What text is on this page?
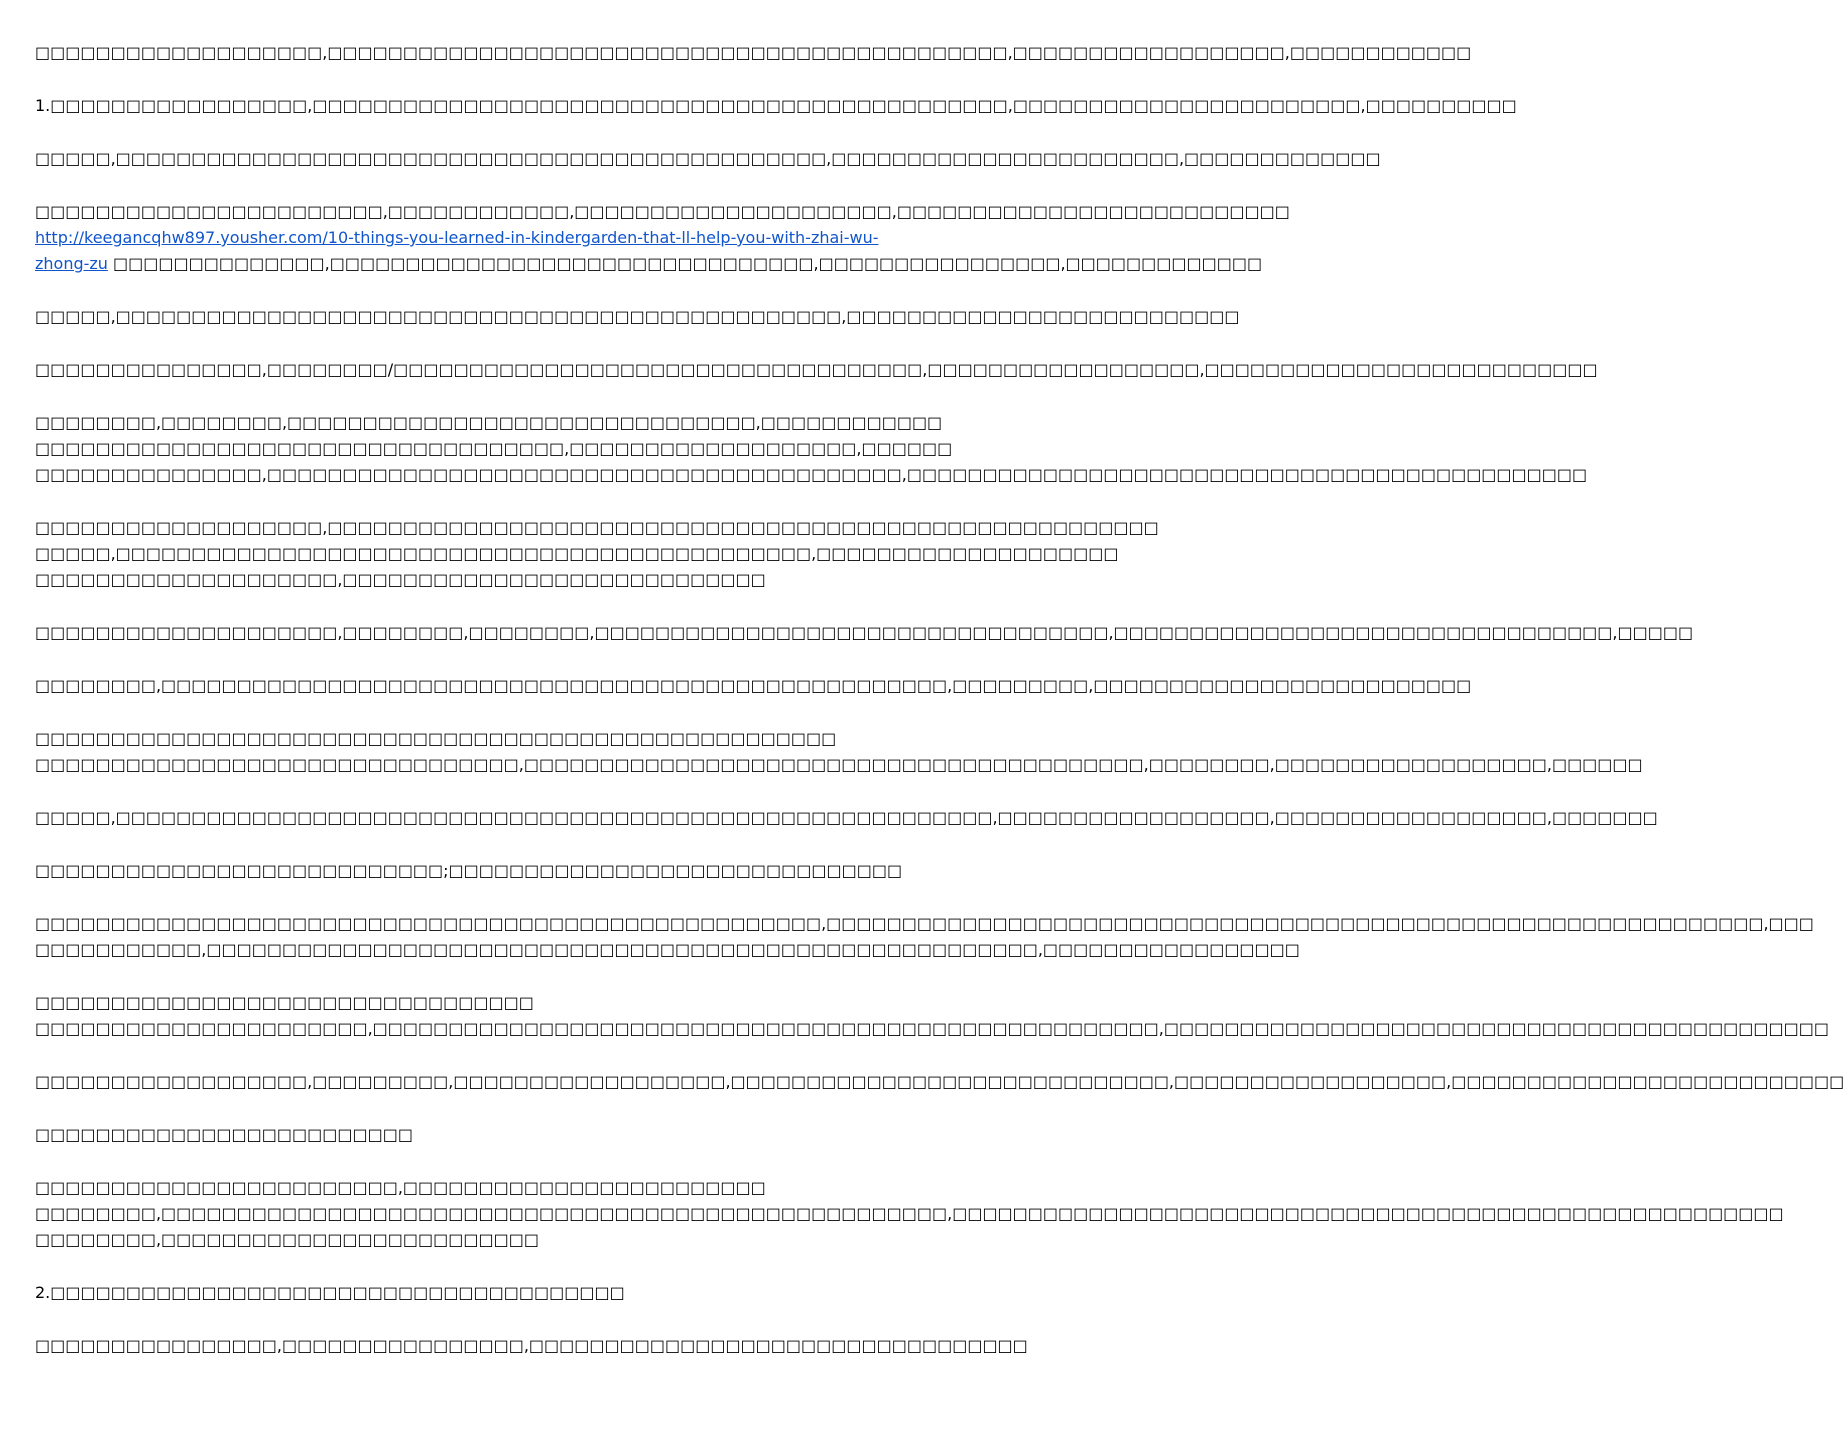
□□□□□□□□□□□□□□□□□□□,□□□□□□□□□□□□□□□□□□□□□□□□□□□□□□□□□□□□□□□□□□□□□,□□□□□□□□□□□□□□□□□□,□□□□□□□□□□□□
1.□□□□□□□□□□□□□□□□□,□□□□□□□□□□□□□□□□□□□□□□□□□□□□□□□□□□□□□□□□□□□□□□,□□□□□□□□□□□□□□□□□□□□□□□,□□□□□□□□□□
□□□□□,□□□□□□□□□□□□□□□□□□□□□□□□□□□□□□□□□□□□□□□□□□□□□□□,□□□□□□□□□□□□□□□□□□□□□□□,□□□□□□□□□□□□□
□□□□□□□□□□□□□□□□□□□□□□□,□□□□□□□□□□□□,□□□□□□□□□□□□□□□□□□□□□,□□□□□□□□□□□□□□□□□□□□□□□□□□
http://keegancqhw897.yousher.com/10-things-you-learned-in-kindergarden-that-ll-help-you-with-zhai-wu-
zhong-zu □□□□□□□□□□□□□□,□□□□□□□□□□□□□□□□□□□□□□□□□□□□□□□□,□□□□□□□□□□□□□□□□,□□□□□□□□□□□□□
□□□□□,□□□□□□□□□□□□□□□□□□□□□□□□□□□□□□□□□□□□□□□□□□□□□□□□,□□□□□□□□□□□□□□□□□□□□□□□□□□
□□□□□□□□□□□□□□□,□□□□□□□□/□□□□□□□□□□□□□□□□□□□□□□□□□□□□□□□□□□□,□□□□□□□□□□□□□□□□□□,□□□□□□□□□□□□□□□□□□□□□□□□□□
□□□□□□□□,□□□□□□□□,□□□□□□□□□□□□□□□□□□□□□□□□□□□□□□□,□□□□□□□□□□□□
□□□□□□□□□□□□□□□□□□□□□□□□□□□□□□□□□□□,□□□□□□□□□□□□□□□□□□□,□□□□□□
□□□□□□□□□□□□□□□,□□□□□□□□□□□□□□□□□□□□□□□□□□□□□□□□□□□□□□□□□□,□□□□□□□□□□□□□□□□□□□□□□□□□□□□□□□□□□□□□□□□□□□□□
□□□□□□□□□□□□□□□□□□□,□□□□□□□□□□□□□□□□□□□□□□□□□□□□□□□□□□□□□□□□□□□□□□□□□□□□□□□
□□□□□,□□□□□□□□□□□□□□□□□□□□□□□□□□□□□□□□□□□□□□□□□□□□□□,□□□□□□□□□□□□□□□□□□□□
□□□□□□□□□□□□□□□□□□□□,□□□□□□□□□□□□□□□□□□□□□□□□□□□□
□□□□□□□□□□□□□□□□□□□□,□□□□□□□□,□□□□□□□□,□□□□□□□□□□□□□□□□□□□□□□□□□□□□□□□□□□,□□□□□□□□□□□□□□□□□□□□□□□□□□□□□□□□□,□□□□□
□□□□□□□□,□□□□□□□□□□□□□□□□□□□□□□□□□□□□□□□□□□□□□□□□□□□□□□□□□□□□,□□□□□□□□□,□□□□□□□□□□□□□□□□□□□□□□□□□
□□□□□□□□□□□□□□□□□□□□□□□□□□□□□□□□□□□□□□□□□□□□□□□□□□□□□
□□□□□□□□□□□□□□□□□□□□□□□□□□□□□□□□,□□□□□□□□□□□□□□□□□□□□□□□□□□□□□□□□□□□□□□□□□,□□□□□□□□,□□□□□□□□□□□□□□□□□□,□□□□□□
□□□□□,□□□□□□□□□□□□□□□□□□□□□□□□□□□□□□□□□□□□□□□□□□□□□□□□□□□□□□□□□□,□□□□□□□□□□□□□□□□□□,□□□□□□□□□□□□□□□□□□,□□□□□□□
□□□□□□□□□□□□□□□□□□□□□□□□□□□;□□□□□□□□□□□□□□□□□□□□□□□□□□□□□□
□□□□□□□□□□□□□□□□□□□□□□□□□□□□□□□□□□□□□□□□□□□□□□□□□□□□,□□□□□□□□□□□□□□□□□□□□□□□□□□□□□□□□□□□□□□□□□□□□□□□□□□□□□□□□□□□□□□,□□□
□□□□□□□□□□□,□□□□□□□□□□□□□□□□□□□□□□□□□□□□□□□□□□□□□□□□□□□□□□□□□□□□□□□,□□□□□□□□□□□□□□□□□
□□□□□□□□□□□□□□□□□□□□□□□□□□□□□□□□□
□□□□□□□□□□□□□□□□□□□□□□,□□□□□□□□□□□□□□□□□□□□□□□□□□□□□□□□□□□□□□□□□□□□□□□□□□□□,□□□□□□□□□□□□□□□□□□□□□□□□□□□□□□□□□□□□□□□□□□□□
□□□□□□□□□□□□□□□□□□,□□□□□□□□□,□□□□□□□□□□□□□□□□□□,□□□□□□□□□□□□□□□□□□□□□□□□□□□□□,□□□□□□□□□□□□□□□□□□,□□□□□□□□□□□□□□□□□□□□□□□□□□
□□□□□□□□□□□□□□□□□□□□□□□□□
□□□□□□□□□□□□□□□□□□□□□□□□,□□□□□□□□□□□□□□□□□□□□□□□□
□□□□□□□□,□□□□□□□□□□□□□□□□□□□□□□□□□□□□□□□□□□□□□□□□□□□□□□□□□□□□,□□□□□□□□□□□□□□□□□□□□□□□□□□□□□□□□□□□□□□□□□□□□□□□□□□□□□□□
□□□□□□□□,□□□□□□□□□□□□□□□□□□□□□□□□□
2.□□□□□□□□□□□□□□□□□□□□□□□□□□□□□□□□□□□□□□
□□□□□□□□□□□□□□□□,□□□□□□□□□□□□□□□□,□□□□□□□□□□□□□□□□□□□□□□□□□□□□□□□□□
